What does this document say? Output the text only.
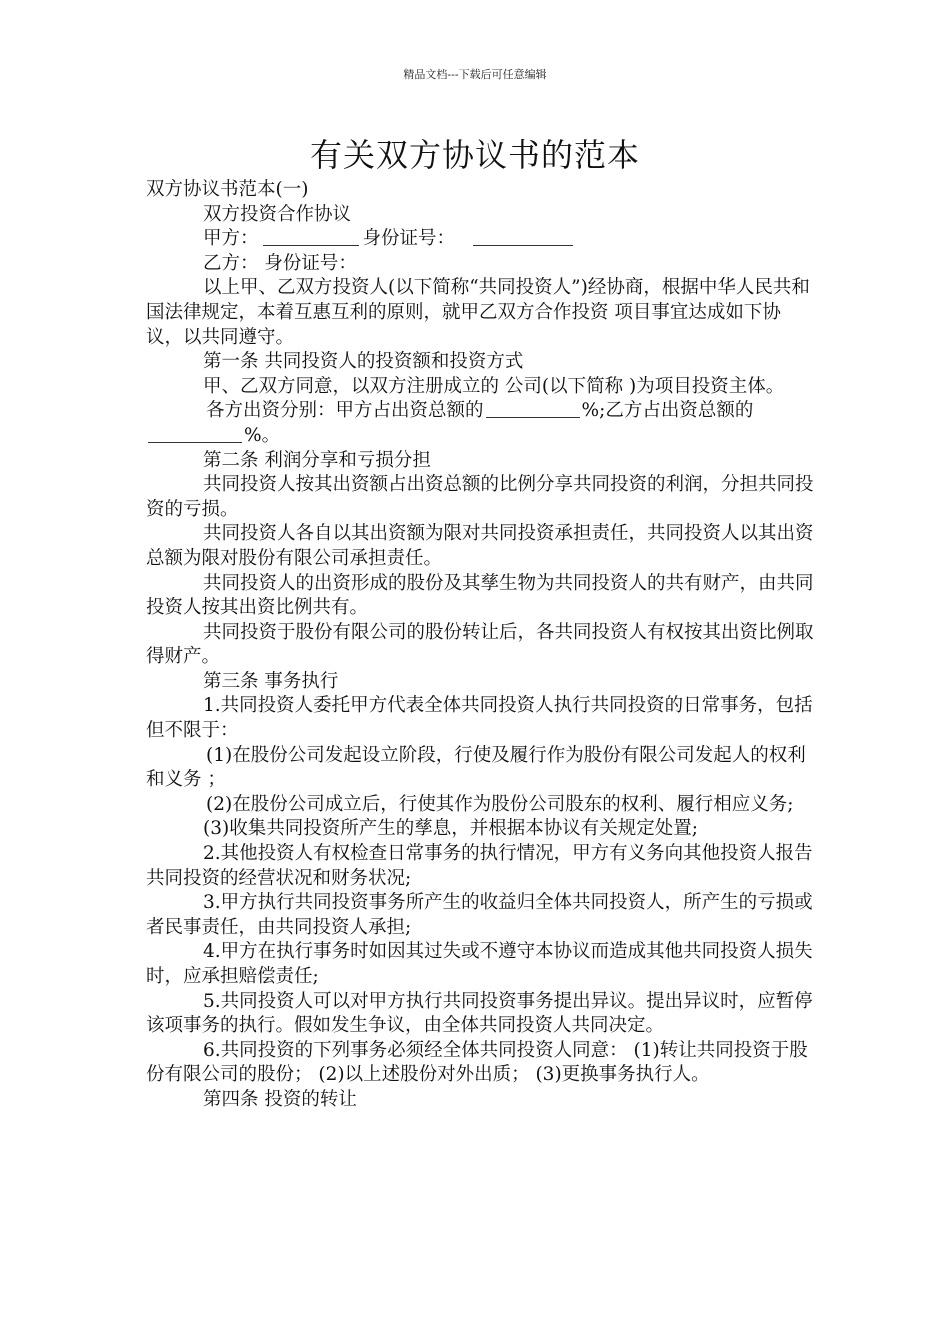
精品文档---下载后可任意编辑
有关双方协议书的范本

双方协议书范本(一)

双方投资合作协议

甲方：	身份证号：

乙方： 身份证号：

以上甲、乙双方投资人(以下简称“共同投资人”)经协商，根据中华人民共和国法律规定，本着互惠互利的原则，就甲乙双方合作投资 项目事宜达成如下协议，以共同遵守。

第一条 共同投资人的投资额和投资方式

甲、乙双方同意，以双方注册成立的 公司(以下简称 )为项目投资主体。

各方出资分别：甲方占出资总额的	%;乙方占出资总额的%。

第二条 利润分享和亏损分担

共同投资人按其出资额占出资总额的比例分享共同投资的利润，分担共同投资的亏损。

共同投资人各自以其出资额为限对共同投资承担责任，共同投资人以其出资总额为限对股份有限公司承担责任。

共同投资人的出资形成的股份及其孳生物为共同投资人的共有财产，由共同投资人按其出资比例共有。

共同投资于股份有限公司的股份转让后，各共同投资人有权按其出资比例取得财产。

第三条 事务执行

1.共同投资人委托甲方代表全体共同投资人执行共同投资的日常事务，包括但不限于：

(1)在股份公司发起设立阶段，行使及履行作为股份有限公司发起人的权利和义务 ；

(2)在股份公司成立后，行使其作为股份公司股东的权利、履行相应义务;

(3)收集共同投资所产生的孳息，并根据本协议有关规定处置;

2.其他投资人有权检查日常事务的执行情况，甲方有义务向其他投资人报告共同投资的经营状况和财务状况;

3.甲方执行共同投资事务所产生的收益归全体共同投资人，所产生的亏损或者民事责任，由共同投资人承担;

4.甲方在执行事务时如因其过失或不遵守本协议而造成其他共同投资人损失时，应承担赔偿责任;

5.共同投资人可以对甲方执行共同投资事务提出异议。提出异议时，应暂停该项事务的执行。假如发生争议，由全体共同投资人共同决定。

6.共同投资的下列事务必须经全体共同投资人同意： (1)转让共同投资于股份有限公司的股份； (2)以上述股份对外出质； (3)更换事务执行人。

第四条 投资的转让
